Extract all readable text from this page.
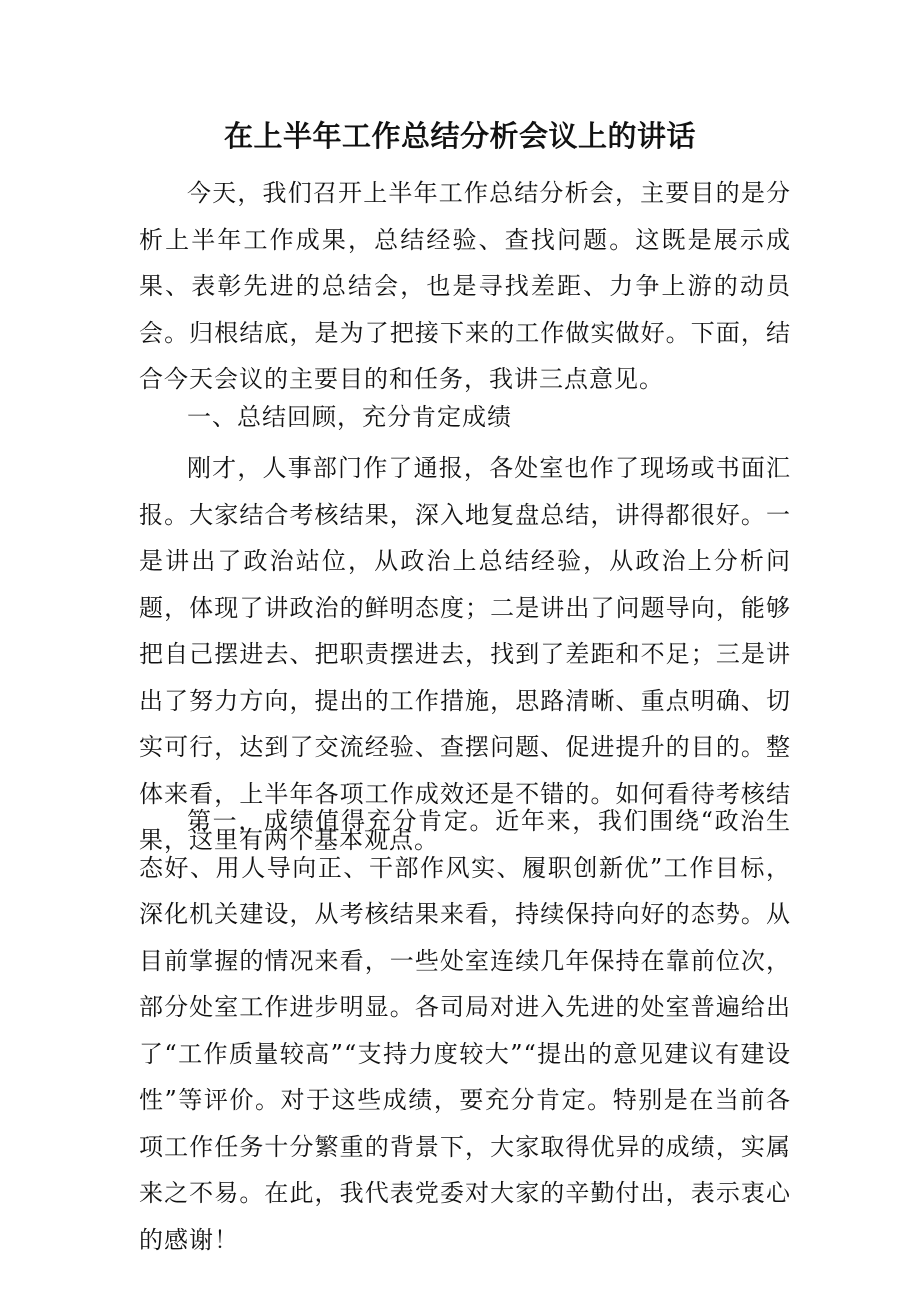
在上半年工作总结分析会议上的讲话

今天，我们召开上半年工作总结分析会，主要目的是分析上半年工作成果，总结经验、查找问题。这既是展示成果、表彰先进的总结会，也是寻找差距、力争上游的动员会。归根结底，是为了把接下来的工作做实做好。下面，结合今天会议的主要目的和任务，我讲三点意见。

一、总结回顾，充分肯定成绩

刚才，人事部门作了通报，各处室也作了现场或书面汇报。大家结合考核结果，深入地复盘总结，讲得都很好。一是讲出了政治站位，从政治上总结经验，从政治上分析问题，体现了讲政治的鲜明态度；二是讲出了问题导向，能够把自己摆进去、把职责摆进去，找到了差距和不足；三是讲出了努力方向，提出的工作措施，思路清晰、重点明确、切实可行，达到了交流经验、查摆问题、促进提升的目的。整体来看，上半年各项工作成效还是不错的。如何看待考核结果，这里有两个基本观点。

第一，成绩值得充分肯定。近年来，我们围绕“政治生态好、用人导向正、干部作风实、履职创新优”工作目标，深化机关建设，从考核结果来看，持续保持向好的态势。从目前掌握的情况来看，一些处室连续几年保持在靠前位次，部分处室工作进步明显。各司局对进入先进的处室普遍给出了“工作质量较高”“支持力度较大”“提出的意见建议有建设性”等评价。对于这些成绩，要充分肯定。特别是在当前各项工作任务十分繁重的背景下，大家取得优异的成绩，实属来之不易。在此，我代表党委对大家的辛勤付出，表示衷心的感谢！
